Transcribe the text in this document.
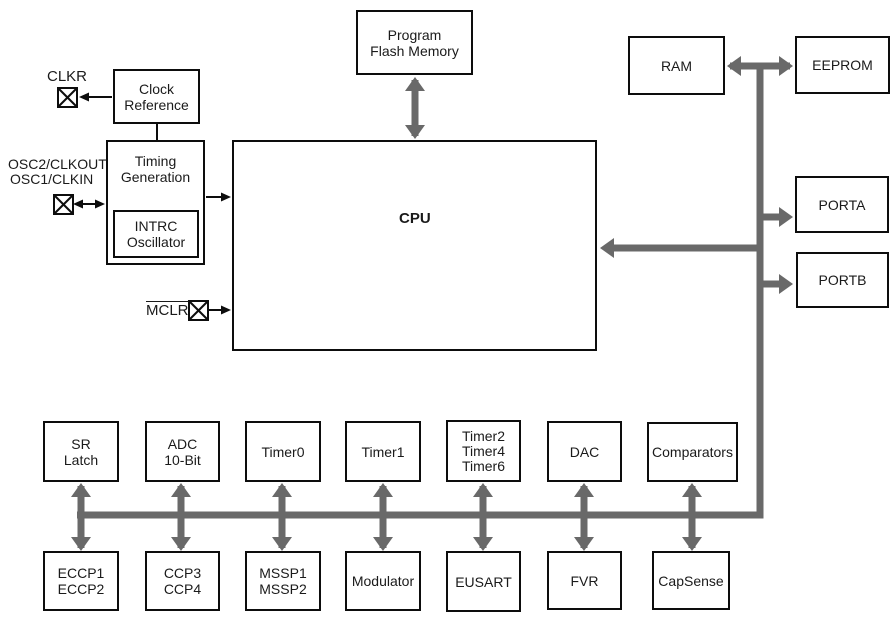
Program
Flash Memory
Clock
Reference
Timing
Generation
INTRC
Oscillator
CPU
RAM	EEPROM
PORTA
PORTB
SR
Latch
ADC
10-Bit	Timer0	Timer1
Timer2
Timer4
Timer6
DAC	Comparators
ECCP1
ECCP2
CCP3
CCP4
MSSP1
MSSP2	Modulator	EUSART	FVR	CapSense
CLKR
OSC2/CLKOUT
OSC1/CLKIN
MCLR
